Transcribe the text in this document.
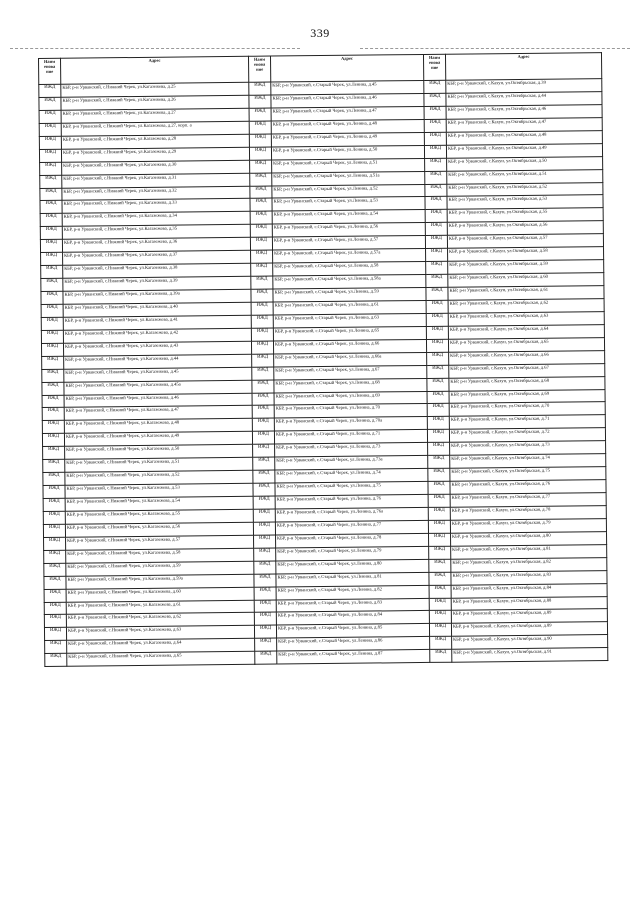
339
Наим енова ние	Адрес	Наим енова ние	Адрес	Наим енова ние	Адрес
ИЖД	КБР, р-н Урванский, с.Нижний Черек, ул.Кагазежева, д.25	ИЖД	КБР, р-н Урванский, с.Старый Черек, ул.Ленина, д.45	ИЖД	КБР, р-н Урванский, с.Кахун, ул.Октябрьская, д.39
ИЖД	КБР, р-н Урванский, с.Нижний Черек, ул.Кагазежева, д.26	ИЖД	КБР, р-н Урванский, с.Старый Черек, ул.Ленина, д.46	ИЖД	КБР, р-н Урванский, с.Кахун, ул.Октябрьская, д.44
ИЖД	КБР, р-н Урванский, с.Нижний Черек, ул.Кагазежева, д.27	ИЖД	КБР, р-н Урванский, с.Старый Черек, ул.Ленина, д.47	ИЖД	КБР, р-н Урванский, с.Кахун, ул.Октябрьская, д.46
ИЖД	КБР, р-н Урванский, с.Нижний Черек, ул.Кагазежева, д.27, корп. а	ИЖД	КБР, р-н Урванский, с.Старый Черек, ул.Ленина, д.48	ИЖД	КБР, р-н Урванский, с.Кахун, ул.Октябрьская, д.47
ИЖД	КБР, р-н Урванский, с.Нижний Черек, ул.Кагазежева, д.28	ИЖД	КБР, р-н Урванский, с.Старый Черек, ул.Ленина, д.49	ИЖД	КБР, р-н Урванский, с.Кахун, ул.Октябрьская, д.48
ИЖД	КБР, р-н Урванский, с.Нижний Черек, ул.Кагазежева, д.29	ИЖД	КБР, р-н Урванский, с.Старый Черек, ул.Ленина, д.50	ИЖД	КБР, р-н Урванский, с.Кахун, ул.Октябрьская, д.49
ИЖД	КБР, р-н Урванский, с.Нижний Черек, ул.Кагазежева, д.30	ИЖД	КБР, р-н Урванский, с.Старый Черек, ул.Ленина, д.51	ИЖД	КБР, р-н Урванский, с.Кахун, ул.Октябрьская, д.50
ИЖД	КБР, р-н Урванский, с.Нижний Черек, ул.Кагазежева, д.31	ИЖД	КБР, р-н Урванский, с.Старый Черек, ул.Ленина, д.51а	ИЖД	КБР, р-н Урванский, с.Кахун, ул.Октябрьская, д.51
ИЖД	КБР, р-н Урванский, с.Нижний Черек, ул.Кагазежева, д.32	ИЖД	КБР, р-н Урванский, с.Старый Черек, ул.Ленина, д.52	ИЖД	КБР, р-н Урванский, с.Кахун, ул.Октябрьская, д.52
ИЖД	КБР, р-н Урванский, с.Нижний Черек, ул.Кагазежева, д.33	ИЖД	КБР, р-н Урванский, с.Старый Черек, ул.Ленина, д.53	ИЖД	КБР, р-н Урванский, с.Кахун, ул.Октябрьская, д.53
ИЖД	КБР, р-н Урванский, с.Нижний Черек, ул.Кагазежева, д.34	ИЖД	КБР, р-н Урванский, с.Старый Черек, ул.Ленина, д.54	ИЖД	КБР, р-н Урванский, с.Кахун, ул.Октябрьская, д.55
ИЖД	КБР, р-н Урванский, с.Нижний Черек, ул.Кагазежева, д.35	ИЖД	КБР, р-н Урванский, с.Старый Черек, ул.Ленина, д.56	ИЖД	КБР, р-н Урванский, с.Кахун, ул.Октябрьская, д.56
ИЖД	КБР, р-н Урванский, с.Нижний Черек, ул.Кагазежева, д.36	ИЖД	КБР, р-н Урванский, с.Старый Черек, ул.Ленина, д.57	ИЖД	КБР, р-н Урванский, с.Кахун, ул.Октябрьская, д.57
ИЖД	КБР, р-н Урванский, с.Нижний Черек, ул.Кагазежева, д.37	ИЖД	КБР, р-н Урванский, с.Старый Черек, ул.Ленина, д.57а	ИЖД	КБР, р-н Урванский, с.Кахун, ул.Октябрьская, д.58
ИЖД	КБР, р-н Урванский, с.Нижний Черек, ул.Кагазежева, д.38	ИЖД	КБР, р-н Урванский, с.Старый Черек, ул.Ленина, д.58	ИЖД	КБР, р-н Урванский, с.Кахун, ул.Октябрьская, д.59
ИЖД	КБР, р-н Урванский, с.Нижний Черек, ул.Кагазежева, д.39	ИЖД	КБР, р-н Урванский, с.Старый Черек, ул.Ленина, д.58а	ИЖД	КБР, р-н Урванский, с.Кахун, ул.Октябрьская, д.60
ИЖД	КБР, р-н Урванский, с.Нижний Черек, ул.Кагазежева, д.39а	ИЖД	КБР, р-н Урванский, с.Старый Черек, ул.Ленина, д.59	ИЖД	КБР, р-н Урванский, с.Кахун, ул.Октябрьская, д.61
ИЖД	КБР, р-н Урванский, с.Нижний Черек, ул.Кагазежева, д.40	ИЖД	КБР, р-н Урванский, с.Старый Черек, ул.Ленина, д.61	ИЖД	КБР, р-н Урванский, с.Кахун, ул.Октябрьская, д.62
ИЖД	КБР, р-н Урванский, с.Нижний Черек, ул.Кагазежева, д.41	ИЖД	КБР, р-н Урванский, с.Старый Черек, ул.Ленина, д.63	ИЖД	КБР, р-н Урванский, с.Кахун, ул.Октябрьская, д.63
ИЖД	КБР, р-н Урванский, с.Нижний Черек, ул.Кагазежева, д.42	ИЖД	КБР, р-н Урванский, с.Старый Черек, ул.Ленина, д.65	ИЖД	КБР, р-н Урванский, с.Кахун, ул.Октябрьская, д.64
ИЖД	КБР, р-н Урванский, с.Нижний Черек, ул.Кагазежева, д.43	ИЖД	КБР, р-н Урванский, с.Старый Черек, ул.Ленина, д.66	ИЖД	КБР, р-н Урванский, с.Кахун, ул.Октябрьская, д.65
ИЖД	КБР, р-н Урванский, с.Нижний Черек, ул.Кагазежева, д.44	ИЖД	КБР, р-н Урванский, с.Старый Черек, ул.Ленина, д.66а	ИЖД	КБР, р-н Урванский, с.Кахун, ул.Октябрьская, д.66
ИЖД	КБР, р-н Урванский, с.Нижний Черек, ул.Кагазежева, д.45	ИЖД	КБР, р-н Урванский, с.Старый Черек, ул.Ленина, д.67	ИЖД	КБР, р-н Урванский, с.Кахун, ул.Октябрьская, д.67
ИЖД	КБР, р-н Урванский, с.Нижний Черек, ул.Кагазежева, д.45а	ИЖД	КБР, р-н Урванский, с.Старый Черек, ул.Ленина, д.68	ИЖД	КБР, р-н Урванский, с.Кахун, ул.Октябрьская, д.68
ИЖД	КБР, р-н Урванский, с.Нижний Черек, ул.Кагазежева, д.46	ИЖД	КБР, р-н Урванский, с.Старый Черек, ул.Ленина, д.69	ИЖД	КБР, р-н Урванский, с.Кахун, ул.Октябрьская, д.69
ИЖД	КБР, р-н Урванский, с.Нижний Черек, ул.Кагазежева, д.47	ИЖД	КБР, р-н Урванский, с.Старый Черек, ул.Ленина, д.70	ИЖД	КБР, р-н Урванский, с.Кахун, ул.Октябрьская, д.70
ИЖД	КБР, р-н Урванский, с.Нижний Черек, ул.Кагазежева, д.48	ИЖД	КБР, р-н Урванский, с.Старый Черек, ул.Ленина, д.70а	ИЖД	КБР, р-н Урванский, с.Кахун, ул.Октябрьская, д.71
ИЖД	КБР, р-н Урванский, с.Нижний Черек, ул.Кагазежева, д.49	ИЖД	КБР, р-н Урванский, с.Старый Черек, ул.Ленина, д.71	ИЖД	КБР, р-н Урванский, с.Кахун, ул.Октябрьская, д.72
ИЖД	КБР, р-н Урванский, с.Нижний Черек, ул.Кагазежева, д.50	ИЖД	КБР, р-н Урванский, с.Старый Черек, ул.Ленина, д.73	ИЖД	КБР, р-н Урванский, с.Кахун, ул.Октябрьская, д.73
ИЖД	КБР, р-н Урванский, с.Нижний Черек, ул.Кагазежева, д.51	ИЖД	КБР, р-н Урванский, с.Старый Черек, ул.Ленина, д.73а	ИЖД	КБР, р-н Урванский, с.Кахун, ул.Октябрьская, д.74
ИЖД	КБР, р-н Урванский, с.Нижний Черек, ул.Кагазежева, д.52	ИЖД	КБР, р-н Урванский, с.Старый Черек, ул.Ленина, д.74	ИЖД	КБР, р-н Урванский, с.Кахун, ул.Октябрьская, д.75
ИЖД	КБР, р-н Урванский, с.Нижний Черек, ул.Кагазежева, д.53	ИЖД	КБР, р-н Урванский, с.Старый Черек, ул.Ленина, д.75	ИЖД	КБР, р-н Урванский, с.Кахун, ул.Октябрьская, д.76
ИЖД	КБР, р-н Урванский, с.Нижний Черек, ул.Кагазежева, д.54	ИЖД	КБР, р-н Урванский, с.Старый Черек, ул.Ленина, д.76	ИЖД	КБР, р-н Урванский, с.Кахун, ул.Октябрьская, д.77
ИЖД	КБР, р-н Урванский, с.Нижний Черек, ул.Кагазежева, д.55	ИЖД	КБР, р-н Урванский, с.Старый Черек, ул.Ленина, д.76а	ИЖД	КБР, р-н Урванский, с.Кахун, ул.Октябрьская, д.78
ИЖД	КБР, р-н Урванский, с.Нижний Черек, ул.Кагазежева, д.56	ИЖД	КБР, р-н Урванский, с.Старый Черек, ул.Ленина, д.77	ИЖД	КБР, р-н Урванский, с.Кахун, ул.Октябрьская, д.79
ИЖД	КБР, р-н Урванский, с.Нижний Черек, ул.Кагазежева, д.57	ИЖД	КБР, р-н Урванский, с.Старый Черек, ул.Ленина, д.78	ИЖД	КБР, р-н Урванский, с.Кахун, ул.Октябрьская, д.80
ИЖД	КБР, р-н Урванский, с.Нижний Черек, ул.Кагазежева, д.58	ИЖД	КБР, р-н Урванский, с.Старый Черек, ул.Ленина, д.79	ИЖД	КБР, р-н Урванский, с.Кахун, ул.Октябрьская, д.81
ИЖД	КБР, р-н Урванский, с.Нижний Черек, ул.Кагазежева, д.59	ИЖД	КБР, р-н Урванский, с.Старый Черек, ул.Ленина, д.80	ИЖД	КБР, р-н Урванский, с.Кахун, ул.Октябрьская, д.82
ИЖД	КБР, р-н Урванский, с.Нижний Черек, ул.Кагазежева, д.59а	ИЖД	КБР, р-н Урванский, с.Старый Черек, ул.Ленина, д.81	ИЖД	КБР, р-н Урванский, с.Кахун, ул.Октябрьская, д.83
ИЖД	КБР, р-н Урванский, с.Нижний Черек, ул.Кагазежева, д.60	ИЖД	КБР, р-н Урванский, с.Старый Черек, ул.Ленина, д.82	ИЖД	КБР, р-н Урванский, с.Кахун, ул.Октябрьская, д.84
ИЖД	КБР, р-н Урванский, с.Нижний Черек, ул.Кагазежева, д.61	ИЖД	КБР, р-н Урванский, с.Старый Черек, ул.Ленина, д.83	ИЖД	КБР, р-н Урванский, с.Кахун, ул.Октябрьская, д.88
ИЖД	КБР, р-н Урванский, с.Нижний Черек, ул.Кагазежева, д.62	ИЖД	КБР, р-н Урванский, с.Старый Черек, ул.Ленина, д.84	ИЖД	КБР, р-н Урванский, с.Кахун, ул.Октябрьская, д.89
ИЖД	КБР, р-н Урванский, с.Нижний Черек, ул.Кагазежева, д.63	ИЖД	КБР, р-н Урванский, с.Старый Черек, ул.Ленина, д.85	ИЖД	КБР, р-н Урванский, с.Кахун, ул.Октябрьская, д.89
ИЖД	КБР, р-н Урванский, с.Нижний Черек, ул.Кагазежева, д.64	ИЖД	КБР, р-н Урванский, с.Старый Черек, ул.Ленина, д.86	ИЖД	КБР, р-н Урванский, с.Кахун, ул.Октябрьская, д.90
ИЖД	КБР, р-н Урванский, с.Нижний Черек, ул.Кагазежева, д.65	ИЖД	КБР, р-н Урванский, с.Старый Черек, ул.Ленина, д.87	ИЖД	КБР, р-н Урванский, с.Кахун, ул.Октябрьская, д.91
